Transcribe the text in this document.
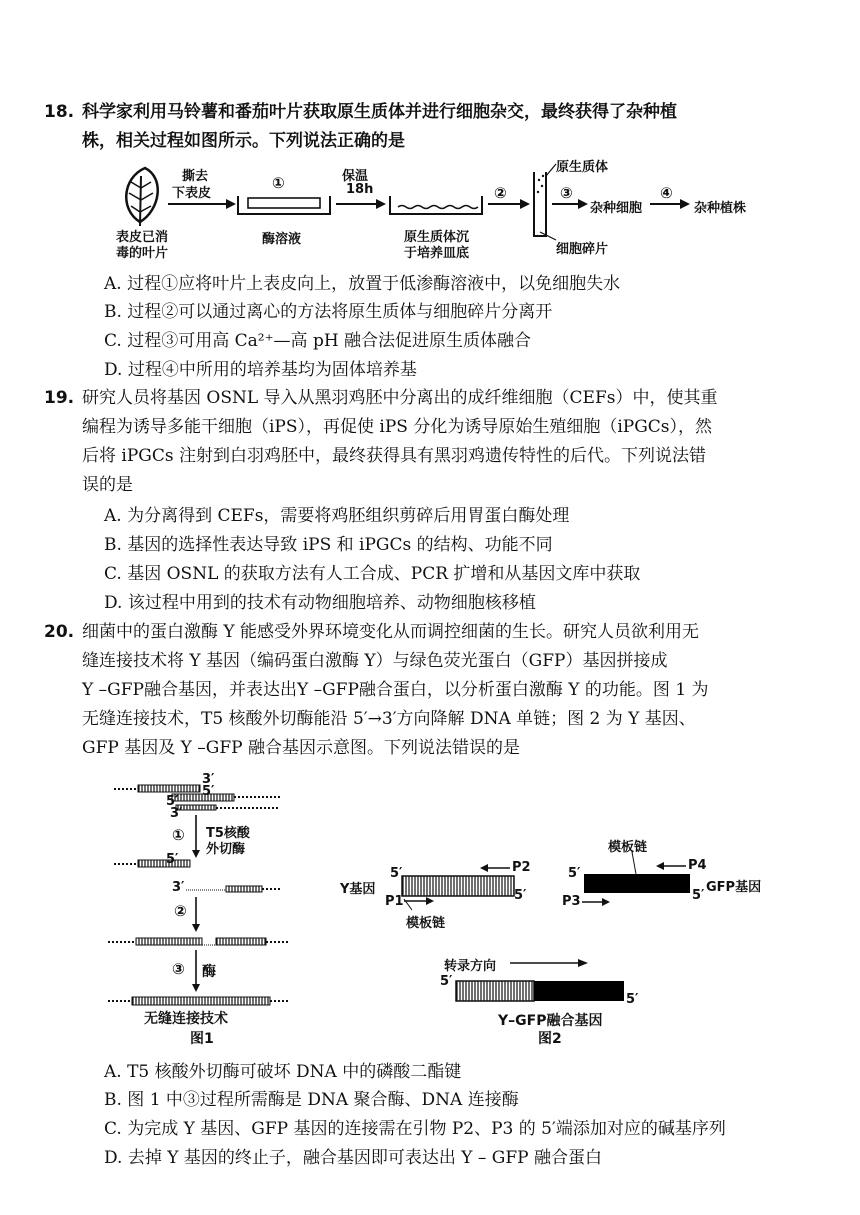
18. 科学家利用马铃薯和番茄叶片获取原生质体并进行细胞杂交，最终获得了杂种植
株，相关过程如图所示。下列说法正确的是
表皮已消
毒的叶片
撕去
下表皮
①
酶溶液
保温
18h
原生质体沉
于培养皿底
②
原生质体
细胞碎片
③
杂种细胞
④
杂种植株
A. 过程①应将叶片上表皮向上，放置于低渗酶溶液中，以免细胞失水
B. 过程②可以通过离心的方法将原生质体与细胞碎片分离开
C. 过程③可用高 Ca²⁺—高 pH 融合法促进原生质体融合
D. 过程④中所用的培养基均为固体培养基
19. 研究人员将基因 OSNL 导入从黑羽鸡胚中分离出的成纤维细胞（CEFs）中，使其重
编程为诱导多能干细胞（iPS），再促使 iPS 分化为诱导原始生殖细胞（iPGCs），然
后将 iPGCs 注射到白羽鸡胚中，最终获得具有黑羽鸡遗传特性的后代。下列说法错
误的是
A. 为分离得到 CEFs，需要将鸡胚组织剪碎后用胃蛋白酶处理
B. 基因的选择性表达导致 iPS 和 iPGCs 的结构、功能不同
C. 基因 OSNL 的获取方法有人工合成、PCR 扩增和从基因文库中获取
D. 该过程中用到的技术有动物细胞培养、动物细胞核移植
20. 细菌中的蛋白激酶 Y 能感受外界环境变化从而调控细菌的生长。研究人员欲利用无
缝连接技术将 Y 基因（编码蛋白激酶 Y）与绿色荧光蛋白（GFP）基因拼接成
Y –GFP融合基因，并表达出Y –GFP融合蛋白，以分析蛋白激酶 Y 的功能。图 1 为
无缝连接技术，T5 核酸外切酶能沿 5′→3′方向降解 DNA 单链；图 2 为 Y 基因、
GFP 基因及 Y –GFP 融合基因示意图。下列说法错误的是
3′
5′
5′
3′
① T5核酸
外切酶
5′
3′
②
③ 酶
无缝连接技术
图1
Y基因
5′	P2
5′
P1
模板链
模板链
P4
5′
GFP基因
5′
P3
转录方向
5′
5′
Y–GFP融合基因
图2
A. T5 核酸外切酶可破坏 DNA 中的磷酸二酯键
B. 图 1 中③过程所需酶是 DNA 聚合酶、DNA 连接酶
C. 为完成 Y 基因、GFP 基因的连接需在引物 P2、P3 的 5′端添加对应的碱基序列
D. 去掉 Y 基因的终止子，融合基因即可表达出 Y – GFP 融合蛋白
